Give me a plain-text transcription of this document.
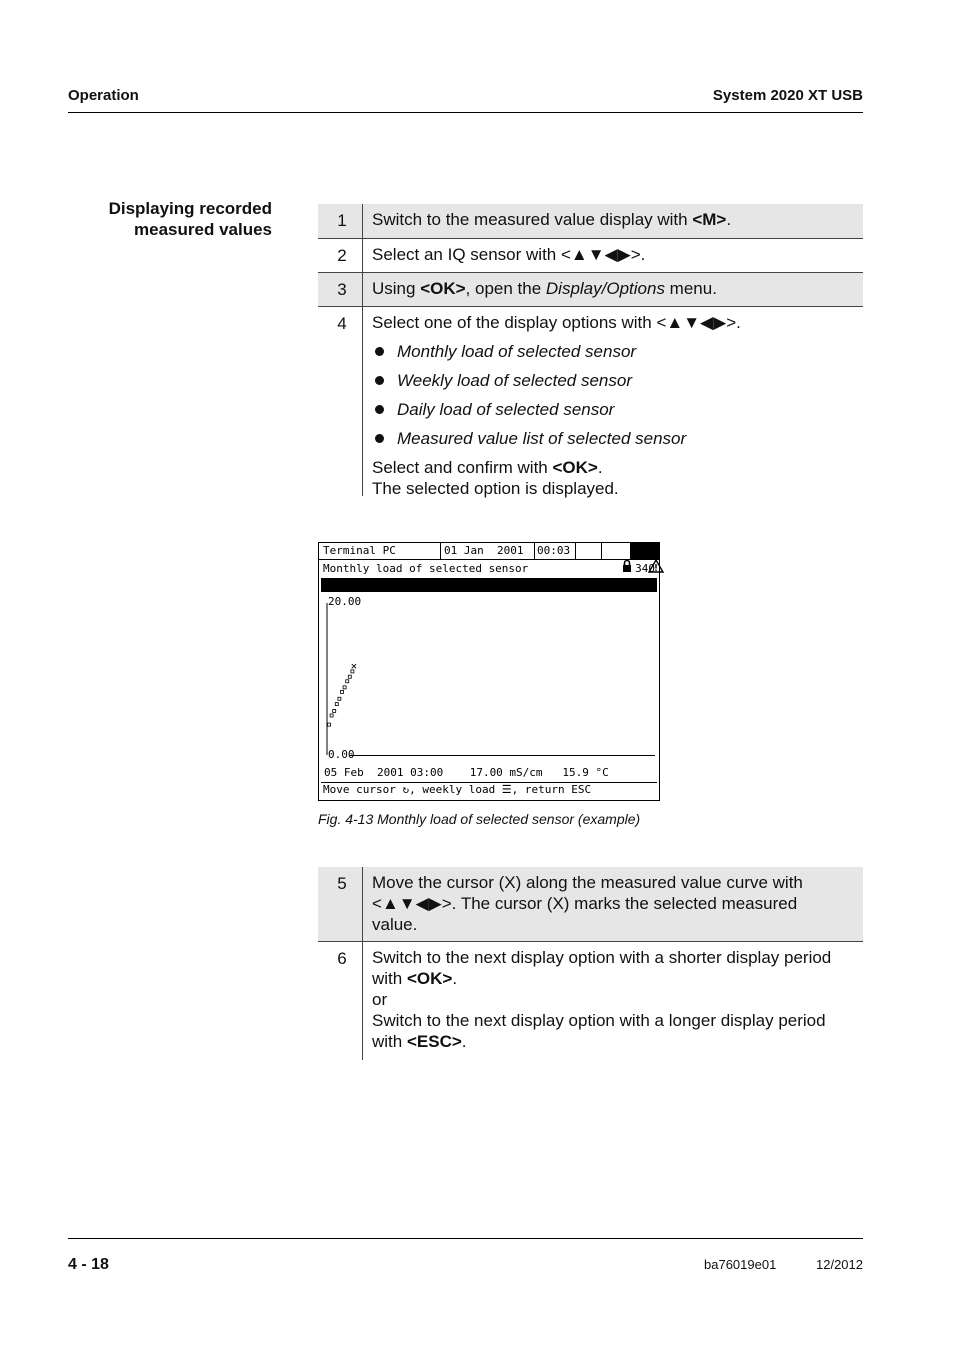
Operation	System 2020 XT USB
Displaying recorded
measured values	1	Switch to the measured value display with <M>.
2	Select an IQ sensor with <▲▼◀▶>.
3	Using <OK>, open the Display/Options menu.
4	Select one of the display options with <▲▼◀▶>.
Monthly load of selected sensor
Weekly load of selected sensor
Daily load of selected sensor
Measured value list of selected sensor
Select and confirm with <OK>.
The selected option is displayed.

Terminal PC

	01 Jan  2001

00:03

Monthly load of selected sensor

	340

S01 TetraCon700IQ   99190001    COND

×
20.00
0.00

05 Feb  2001 03:00    17.00 mS/cm   15.9 °C

Move cursor ↻, weekly load ☰, return ESC

Fig. 4-13 Monthly load of selected sensor (example)
5	Move the cursor (X) along the measured value curve with
<▲▼◀▶>. The cursor (X) marks the selected measured
value.
6	Switch to the next display option with a shorter display period
with <OK>.
or
Switch to the next display option with a longer display period
with <ESC>.
4 - 18	ba76019e01	12/2012
